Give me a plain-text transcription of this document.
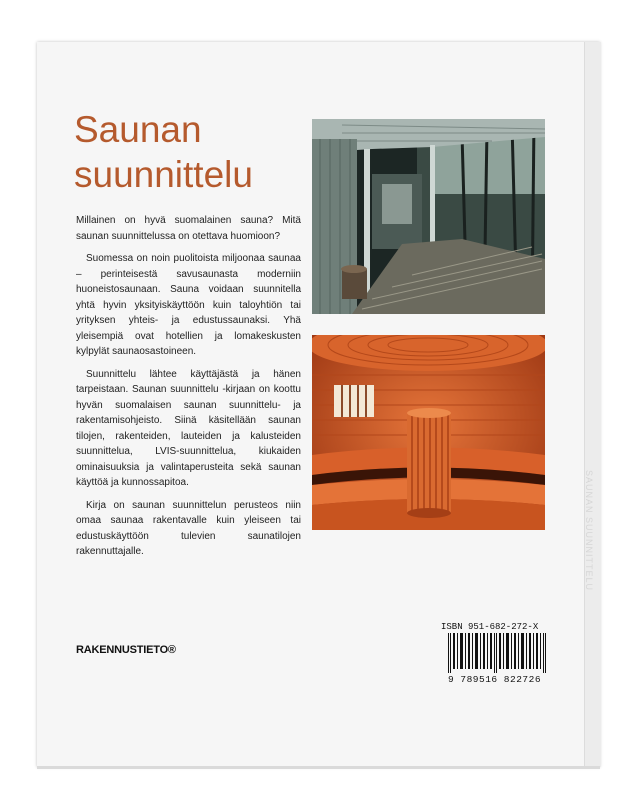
SAUNAN SUUNNITTELU
Saunan
suunnittelu

Millainen on hyvä suomalainen sauna? Mitä saunan suunnittelussa on otettava huomioon?

Suomessa on noin puolitoista miljoonaa saunaa – perinteisestä savusaunasta moderniin huoneistosaunaan. Sauna voidaan suunnitella yhtä hyvin yksityiskäyttöön kuin taloyhtiön tai yrityksen yhteis- ja edustussaunaksi. Yhä yleisempiä ovat hotellien ja lomakeskusten kylpylät saunaosastoineen.

Suunnittelu lähtee käyttäjästä ja hänen tarpeistaan. Saunan suunnittelu -kirjaan on koottu hyvän suomalaisen saunan suunnittelu- ja rakentamisohjeisto. Siinä käsitellään saunan tilojen, rakenteiden, lauteiden ja kalusteiden suunnittelua, LVIS-suunnittelua, kiukaiden ominaisuuksia ja valintaperusteita sekä saunan käyttöä ja kunnossapitoa.

Kirja on saunan suunnittelun perusteos niin omaa saunaa rakentavalle kuin yleiseen tai edustuskäyttöön tulevien saunatilojen rakennuttajalle.

ISBN 951-682-272-X
9 789516 822726
RAKENNUSTIETO®
